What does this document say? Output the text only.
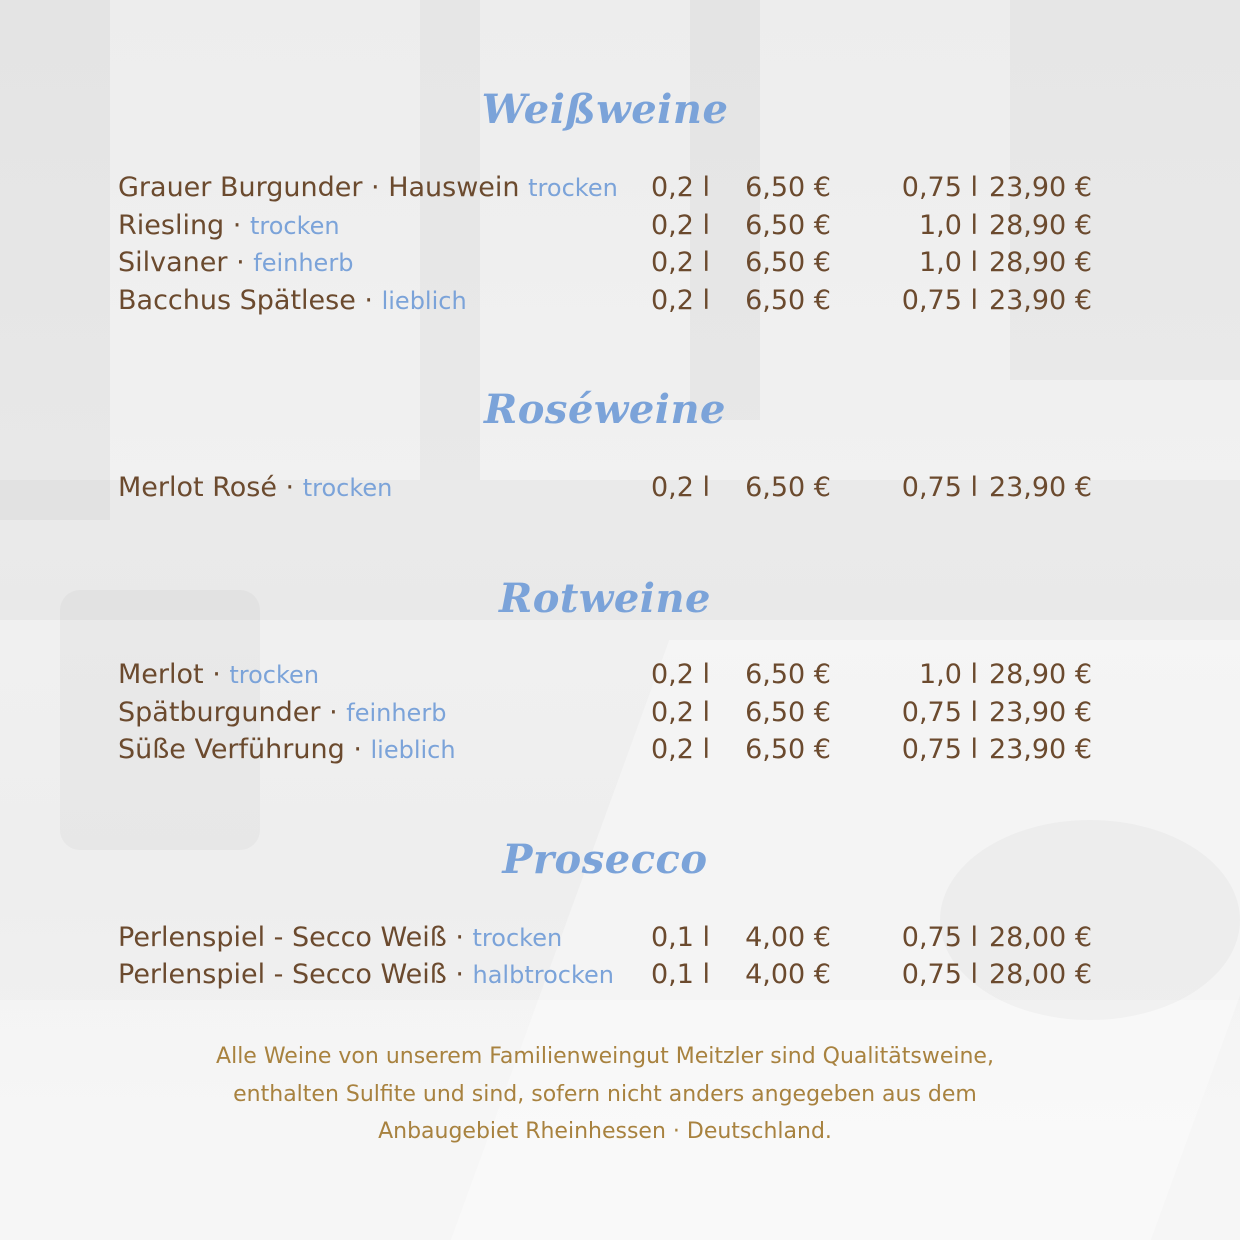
Weißweine
Grauer Burgunder · Hauswein trocken 0,2 l 6,50 €	0,75 l 23,90 €
Riesling · trocken	0,2 l 6,50 €	1,0 l 28,90 €
Silvaner · feinherb	0,2 l 6,50 €	1,0 l 28,90 €
Bacchus Spätlese · lieblich	0,2 l 6,50 €	0,75 l 23,90 €
Roséweine
Merlot Rosé · trocken	0,2 l 6,50 €	0,75 l 23,90 €
Rotweine
Merlot · trocken	0,2 l 6,50 €	1,0 l 28,90 €
Spätburgunder · feinherb	0,2 l 6,50 €	0,75 l 23,90 €
Süße Verführung · lieblich	0,2 l 6,50 €	0,75 l 23,90 €
Prosecco
Perlenspiel - Secco Weiß · trocken	0,1 l 4,00 €	0,75 l 28,00 €
Perlenspiel - Secco Weiß · halbtrocken 0,1 l 4,00 €	0,75 l 28,00 €
Alle Weine von unserem Familienweingut Meitzler sind Qualitätsweine,
enthalten Sulfite und sind, sofern nicht anders angegeben aus dem
Anbaugebiet Rheinhessen · Deutschland.
